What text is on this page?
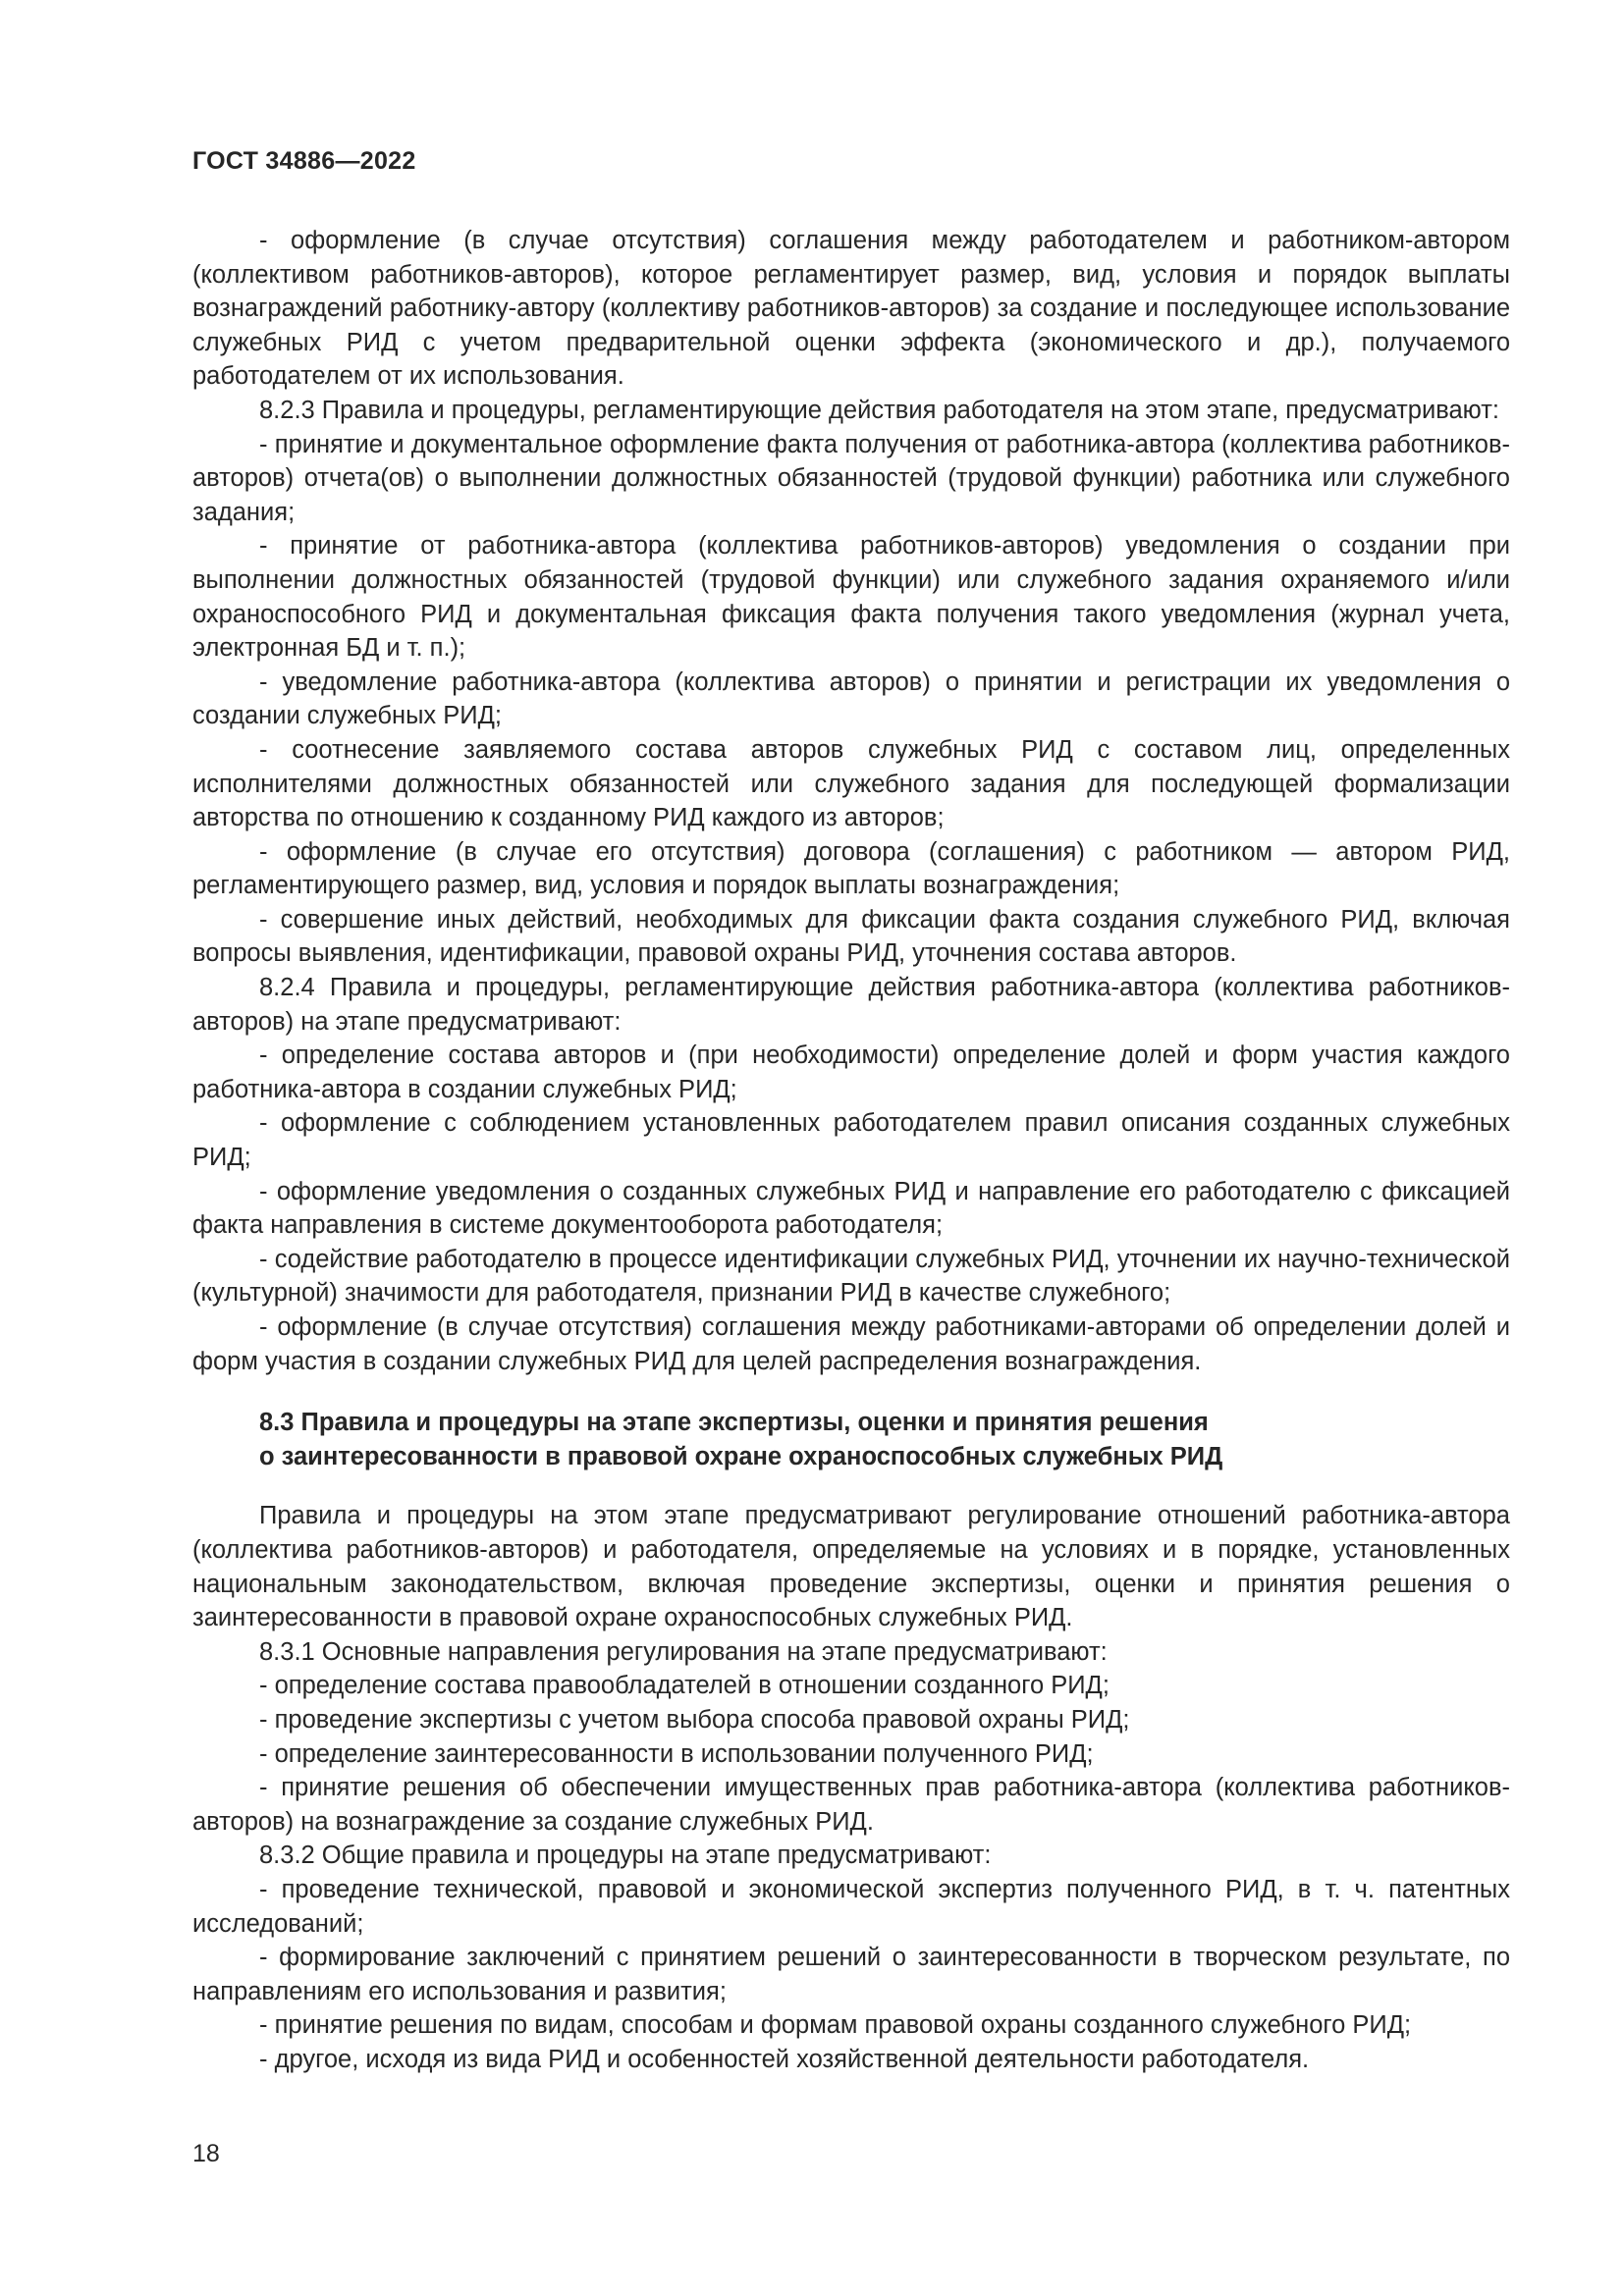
ГОСТ 34886—2022

- оформление (в случае отсутствия) соглашения между работодателем и работником-автором (коллективом работников-авторов), которое регламентирует размер, вид, условия и порядок выплаты вознаграждений работнику-автору (коллективу работников-авторов) за создание и последующее использование служебных РИД с учетом предварительной оценки эффекта (экономического и др.), получаемого работодателем от их использования.

8.2.3 Правила и процедуры, регламентирующие действия работодателя на этом этапе, предусматривают:

- принятие и документальное оформление факта получения от работника-автора (коллектива работников-авторов) отчета(ов) о выполнении должностных обязанностей (трудовой функции) работника или служебного задания;

- принятие от работника-автора (коллектива работников-авторов) уведомления о создании при выполнении должностных обязанностей (трудовой функции) или служебного задания охраняемого и/или охраноспособного РИД и документальная фиксация факта получения такого уведомления (журнал учета, электронная БД и т. п.);

- уведомление работника-автора (коллектива авторов) о принятии и регистрации их уведомления о создании служебных РИД;

- соотнесение заявляемого состава авторов служебных РИД с составом лиц, определенных исполнителями должностных обязанностей или служебного задания для последующей формализации авторства по отношению к созданному РИД каждого из авторов;

- оформление (в случае его отсутствия) договора (соглашения) с работником — автором РИД, регламентирующего размер, вид, условия и порядок выплаты вознаграждения;

- совершение иных действий, необходимых для фиксации факта создания служебного РИД, включая вопросы выявления, идентификации, правовой охраны РИД, уточнения состава авторов.

8.2.4 Правила и процедуры, регламентирующие действия работника-автора (коллектива работников-авторов) на этапе предусматривают:

- определение состава авторов и (при необходимости) определение долей и форм участия каждого работника-автора в создании служебных РИД;

- оформление с соблюдением установленных работодателем правил описания созданных служебных РИД;

- оформление уведомления о созданных служебных РИД и направление его работодателю с фиксацией факта направления в системе документооборота работодателя;

- содействие работодателю в процессе идентификации служебных РИД, уточнении их научно-технической (культурной) значимости для работодателя, признании РИД в качестве служебного;

- оформление (в случае отсутствия) соглашения между работниками-авторами об определении долей и форм участия в создании служебных РИД для целей распределения вознаграждения.

8.3 Правила и процедуры на этапе экспертизы, оценки и принятия решения
о заинтересованности в правовой охране охраноспособных служебных РИД

Правила и процедуры на этом этапе предусматривают регулирование отношений работника-автора (коллектива работников-авторов) и работодателя, определяемые на условиях и в порядке, установленных национальным законодательством, включая проведение экспертизы, оценки и принятия решения о заинтересованности в правовой охране охраноспособных служебных РИД.

8.3.1 Основные направления регулирования на этапе предусматривают:

- определение состава правообладателей в отношении созданного РИД;

- проведение экспертизы с учетом выбора способа правовой охраны РИД;

- определение заинтересованности в использовании полученного РИД;

- принятие решения об обеспечении имущественных прав работника-автора (коллектива работников-авторов) на вознаграждение за создание служебных РИД.

8.3.2 Общие правила и процедуры на этапе предусматривают:

- проведение технической, правовой и экономической экспертиз полученного РИД, в т. ч. патентных исследований;

- формирование заключений с принятием решений о заинтересованности в творческом результате, по направлениям его использования и развития;

- принятие решения по видам, способам и формам правовой охраны созданного служебного РИД;

- другое, исходя из вида РИД и особенностей хозяйственной деятельности работодателя.

18
